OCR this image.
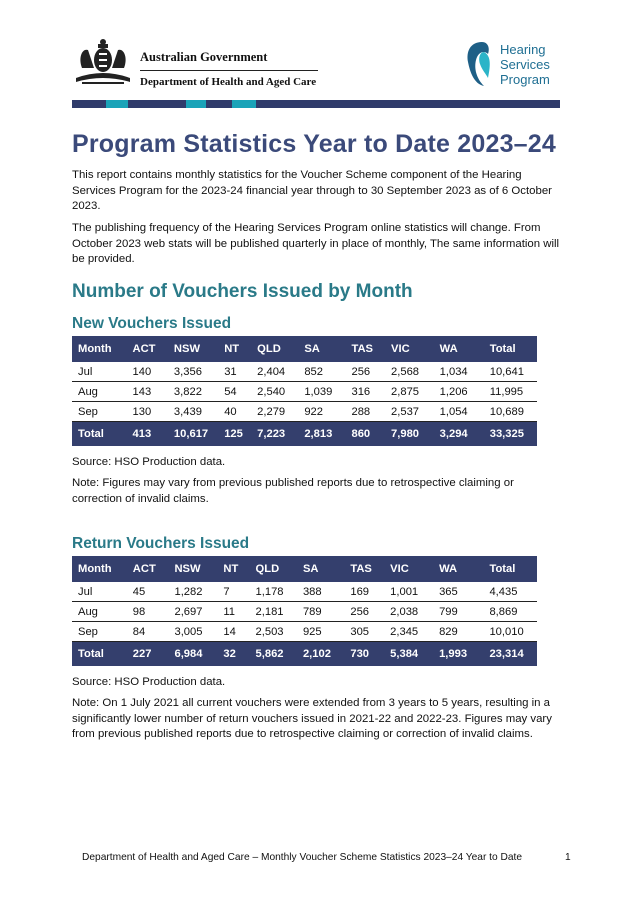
Australian Government
Department of Health and Aged Care
Hearing
Services
Program
Program Statistics Year to Date 2023–24

This report contains monthly statistics for the Voucher Scheme component of the Hearing Services Program for the 2023-24 financial year through to 30 September 2023 as of 6 October 2023.

The publishing frequency of the Hearing Services Program online statistics will change. From October 2023 web stats will be published quarterly in place of monthly, The same information will be provided.

Number of Vouchers Issued by Month
New Vouchers Issued
Month	ACT	NSW	NT	QLD	SA	TAS	VIC	WA	Total
Jul	140	3,356	31	2,404	852	256	2,568	1,034	10,641
Aug	143	3,822	54	2,540	1,039	316	2,875	1,206	11,995
Sep	130	3,439	40	2,279	922	288	2,537	1,054	10,689
Total	413	10,617	125	7,223	2,813	860	7,980	3,294	33,325

Source: HSO Production data.

Note: Figures may vary from previous published reports due to retrospective claiming or correction of invalid claims.

Return Vouchers Issued
Month	ACT	NSW	NT	QLD	SA	TAS	VIC	WA	Total
Jul	45	1,282	7	1,178	388	169	1,001	365	4,435
Aug	98	2,697	11	2,181	789	256	2,038	799	8,869
Sep	84	3,005	14	2,503	925	305	2,345	829	10,010
Total	227	6,984	32	5,862	2,102	730	5,384	1,993	23,314

Source: HSO Production data.

Note: On 1 July 2021 all current vouchers were extended from 3 years to 5 years, resulting in a significantly lower number of return vouchers issued in 2021-22 and 2022-23. Figures may vary from previous published reports due to retrospective claiming or correction of invalid claims.

Department of Health and Aged Care – Monthly Voucher Scheme Statistics 2023–24 Year to Date	1
